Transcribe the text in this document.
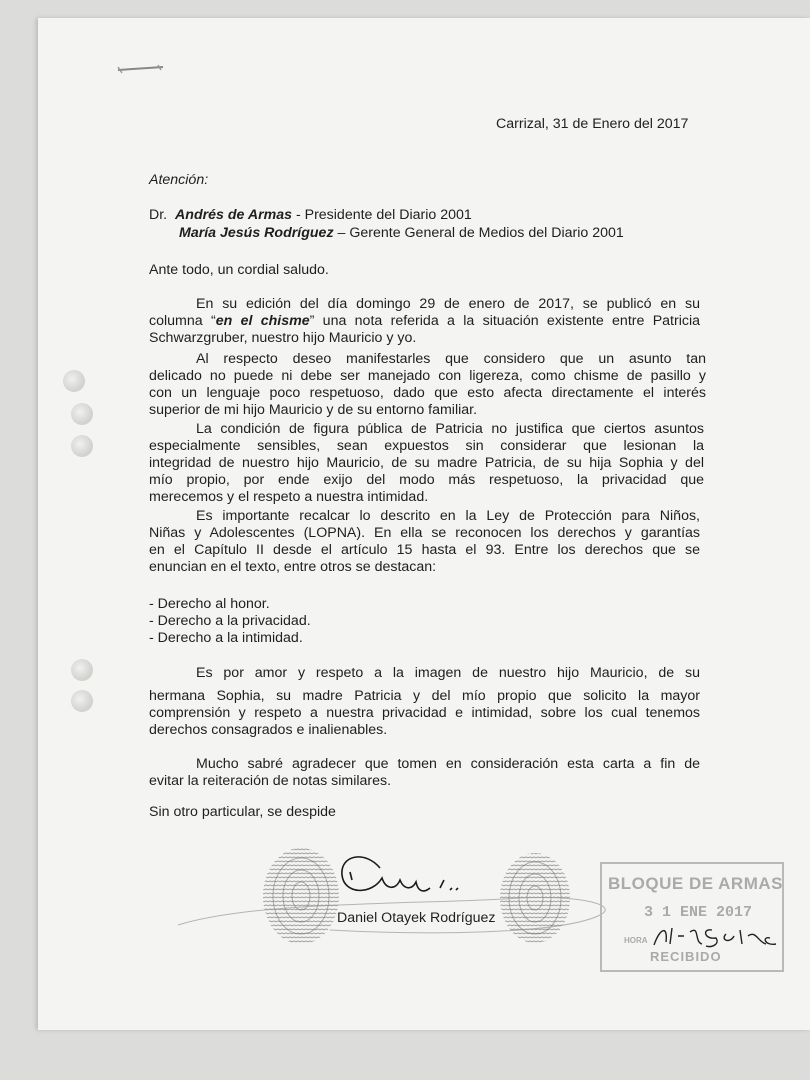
Carrizal, 31 de Enero del 2017
Atención:
Dr. Andrés de Armas - Presidente del Diario 2001
María Jesús Rodríguez – Gerente General de Medios del Diario 2001
Ante todo, un cordial saludo.
En su edición del día domingo 29 de enero de 2017, se publicó en su
columna “en el chisme” una nota referida a la situación existente entre Patricia
Schwarzgruber, nuestro hijo Mauricio y yo.
Al respecto deseo manifestarles que considero que un asunto tan
delicado no puede ni debe ser manejado con ligereza, como chisme de pasillo y
con un lenguaje poco respetuoso, dado que esto afecta directamente el interés
superior de mi hijo Mauricio y de su entorno familiar.
La condición de figura pública de Patricia no justifica que ciertos asuntos
especialmente sensibles, sean expuestos sin considerar que lesionan la
integridad de nuestro hijo Mauricio, de su madre Patricia, de su hija Sophia y del
mío propio, por ende exijo del modo más respetuoso, la privacidad que
merecemos y el respeto a nuestra intimidad.
Es importante recalcar lo descrito en la Ley de Protección para Niños,
Niñas y Adolescentes (LOPNA). En ella se reconocen los derechos y garantías
en el Capítulo II desde el artículo 15 hasta el 93. Entre los derechos que se
enuncian en el texto, entre otros se destacan:
- Derecho al honor.
- Derecho a la privacidad.
- Derecho a la intimidad.
Es por amor y respeto a la imagen de nuestro hijo Mauricio, de su
hermana Sophia, su madre Patricia y del mío propio que solicito la mayor
comprensión y respeto a nuestra privacidad e intimidad, sobre los cual tenemos
derechos consagrados e inalienables.
Mucho sabré agradecer que tomen en consideración esta carta a fin de
evitar la reiteración de notas similares.
Sin otro particular, se despide
Daniel Otayek Rodríguez
BLOQUE DE ARMAS
3 1 ENE 2017
HORA
RECIBIDO
